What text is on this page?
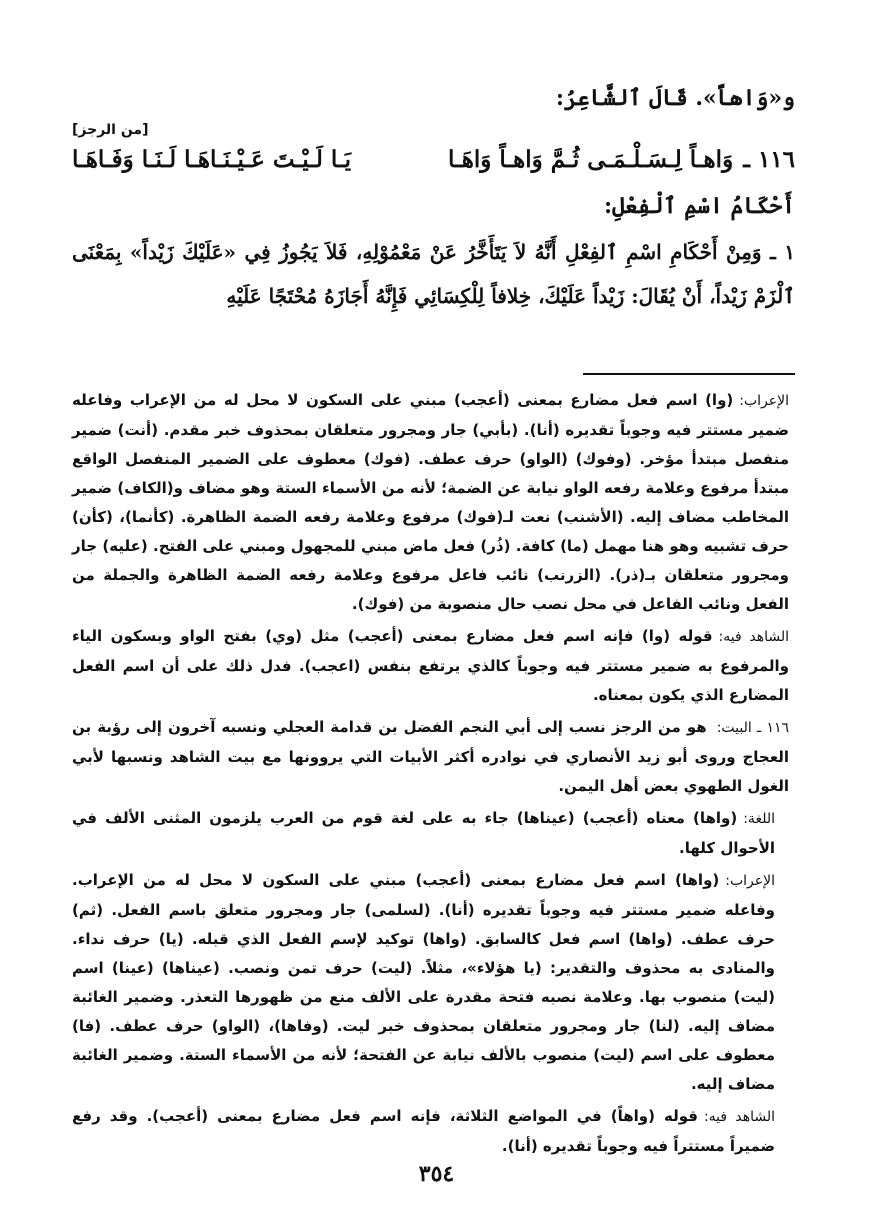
و«وَاهاً». قَالَ ٱلشَّاعِرُ:
[من الرجز]
١١٦ ـ
وَاهـاً لِـسَـلْـمَـى ثُـمَّ وَاهـاً وَاهَـا
يَـا لَـيْـتَ عَـيْـنَـاهَـا لَـنَـا وَفَـاهَـا
أَحْكَامُ اسْمِ ٱلْفِعْلِ:
١ ـ وَمِنْ أَحْكَامِ اسْمِ ٱلفِعْلِ أَنَّهُ لاَ يَتَأَخَّرُ عَنْ مَعْمُوْلِهِ، فَلاَ يَجُوزُ فِي «عَلَيْكَ زَيْداً» بِمَعْنَى ٱلْزَمْ زَيْداً، أَنْ يُقَالَ: زَيْداً عَلَيْكَ، خِلافاً لِلْكِسَائِي فَإِنَّهُ أَجَازَهُ مُحْتَجًا عَلَيْهِ
الإعراب:(وا) اسم فعل مضارع بمعنى (أعجب) مبني على السكون لا محل له من الإعراب وفاعله ضمير مستتر فيه وجوباً تقديره (أنا). (بأبي) جار ومجرور متعلقان بمحذوف خبر مقدم. (أنت) ضمير منفصل مبتدأ مؤخر. (وفوك) (الواو) حرف عطف. (فوك) معطوف على الضمير المنفصل الواقع مبتدأ مرفوع وعلامة رفعه الواو نيابة عن الضمة؛ لأنه من الأسماء الستة وهو مضاف و(الكاف) ضمير المخاطب مضاف إليه. (الأشنب) نعت لـ(فوك) مرفوع وعلامة رفعه الضمة الظاهرة. (كأنما)، (كأن) حرف تشبيه وهو هنا مهمل (ما) كافة. (ذُر) فعل ماض مبني للمجهول ومبني على الفتح. (عليه) جار ومجرور متعلقان بـ(ذر). (الزرنب) نائب فاعل مرفوع وعلامة رفعه الضمة الظاهرة والجملة من الفعل ونائب الفاعل في محل نصب حال منصوبة من (فوك).
الشاهد فيه:قوله (وا) فإنه اسم فعل مضارع بمعنى (أعجب) مثل (وي) بفتح الواو وبسكون الياء والمرفوع به ضمير مستتر فيه وجوباً كالذي يرتفع بنفس (اعجب). فدل ذلك على أن اسم الفعل المضارع الذي يكون بمعناه.
١١٦ ـ البيت:هو من الرجز نسب إلى أبي النجم الفضل بن قدامة العجلي ونسبه آخرون إلى رؤبة بن العجاج وروى أبو زيد الأنصاري في نوادره أكثر الأبيات التي يروونها مع بيت الشاهد ونسبها لأبي الغول الطهوي بعض أهل اليمن.
اللغة:(واها) معناه (أعجب) (عيناها) جاء به على لغة قوم من العرب يلزمون المثنى الألف في الأحوال كلها.
الإعراب:(واها) اسم فعل مضارع بمعنى (أعجب) مبني على السكون لا محل له من الإعراب. وفاعله ضمير مستتر فيه وجوباً تقديره (أنا). (لسلمى) جار ومجرور متعلق باسم الفعل. (ثم) حرف عطف. (واها) اسم فعل كالسابق. (واها) توكيد لإسم الفعل الذي قبله. (يا) حرف نداء. والمنادى به محذوف والتقدير: (يا هؤلاء»، مثلاً. (ليت) حرف تمن ونصب. (عيناها) (عينا) اسم (ليت) منصوب بها. وعلامة نصبه فتحة مقدرة على الألف منع من ظهورها التعذر. وضمير الغائبة مضاف إليه. (لنا) جار ومجرور متعلقان بمحذوف خبر ليت. (وفاها)، (الواو) حرف عطف. (فا) معطوف على اسم (ليت) منصوب بالألف نيابة عن الفتحة؛ لأنه من الأسماء الستة. وضمير الغائبة مضاف إليه.
الشاهد فيه:قوله (واهاً) في المواضع الثلاثة، فإنه اسم فعل مضارع بمعنى (أعجب). وقد رفع ضميراً مستتراً فيه وجوباً تقديره (أنا).
٣٥٤
